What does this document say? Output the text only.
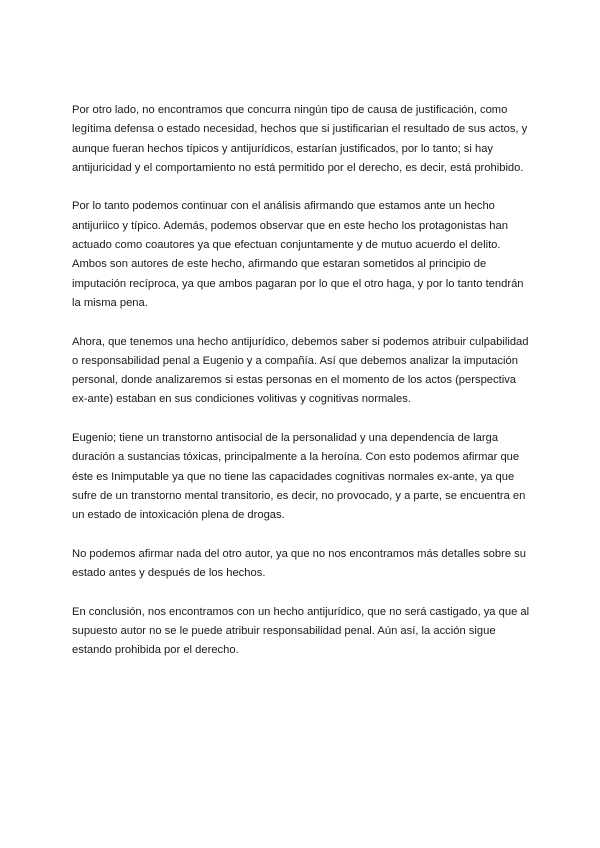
Por otro lado, no encontramos que concurra ningún tipo de causa de justificación, como legítima defensa o estado necesidad, hechos que si justificarian el resultado de sus actos, y aunque fueran hechos típicos y antijurídicos, estarían justificados, por lo tanto; si hay antijuricidad y el comportamiento no está permitido por el derecho, es decir, está prohibido.

Por lo tanto podemos continuar con el análisis afirmando que estamos ante un hecho antijuriico y típico. Además, podemos observar que en este hecho los protagonistas han actuado como coautores ya que efectuan conjuntamente y de mutuo acuerdo el delito. Ambos son autores de este hecho, afirmando que estaran sometidos al principio de imputación recíproca, ya que ambos pagaran por lo que el otro haga, y por lo tanto tendrán la misma pena.

Ahora, que tenemos una hecho antijurídico, debemos saber si podemos atribuir culpabilidad o responsabilidad penal a Eugenio y a compañía. Así que debemos analizar la imputación personal, donde analizaremos si estas personas en el momento de los actos (perspectiva ex-ante) estaban en sus condiciones volitivas y cognitivas normales.

Eugenio; tiene un transtorno antisocial de la personalidad y una dependencia de larga duración a sustancias tóxicas, principalmente a la heroína. Con esto podemos afirmar que éste es Inimputable ya que no tiene las capacidades cognitivas normales ex-ante, ya que sufre de un transtorno mental transitorio, es decir, no provocado, y a parte, se encuentra en un estado de intoxicación plena de drogas.

No podemos afirmar nada del otro autor, ya que no nos encontramos más detalles sobre su estado antes y después de los hechos.

En conclusión, nos encontramos con un hecho antijurídico, que no será castigado, ya que al supuesto autor no se le puede atribuir responsabilidad penal. Aún así, la acción sigue estando prohibida por el derecho.
